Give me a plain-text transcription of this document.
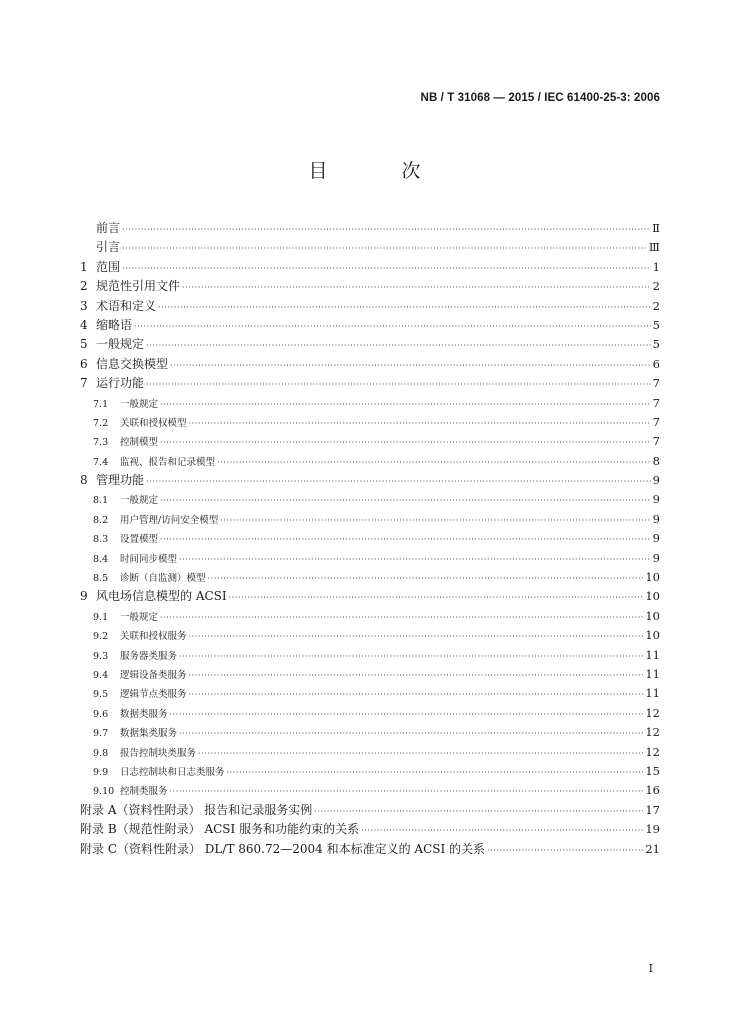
NB / T 31068 — 2015 / IEC 61400-25-3: 2006
目 次
前言 ·····	Ⅱ
引言 ·····	Ⅲ
1 范围 ·····	1
2 规范性引用文件 ·····	2
3 术语和定义 ·····	2
4 缩略语 ·····	5
5 一般规定 ·····	5
6 信息交换模型 ·····	6
7 运行功能 ·····	7
7.1	一般规定 ·····	7
7.2	关联和授权模型 ·····	7
7.3	控制模型 ·····	7
7.4	监视、报告和记录模型 ·····	8
8 管理功能 ·····	9
8.1	一般规定 ·····	9
8.2	用户管理/访问安全模型 ·····	9
8.3	设置模型 ·····	9
8.4	时间同步模型 ·····	9
8.5	诊断（自监测）模型 ·····	10
9 风电场信息模型的 ACSI ·····	10
9.1	一般规定 ·····	10
9.2	关联和授权服务 ·····	10
9.3	服务器类服务 ·····	11
9.4	逻辑设备类服务 ·····	11
9.5	逻辑节点类服务 ·····	11
9.6	数据类服务 ·····	12
9.7	数据集类服务 ·····	12
9.8	报告控制块类服务 ·····	12
9.9	日志控制块和日志类服务 ·····	15
9.10 控制类服务 ·····	16
附录 A（资料性附录） 报告和记录服务实例 ·····	17
附录 B（规范性附录） ACSI 服务和功能约束的关系 ·····	19
附录 C（资料性附录） DL/T 860.72—2004 和本标准定义的 ACSI 的关系 ·····	21
I
